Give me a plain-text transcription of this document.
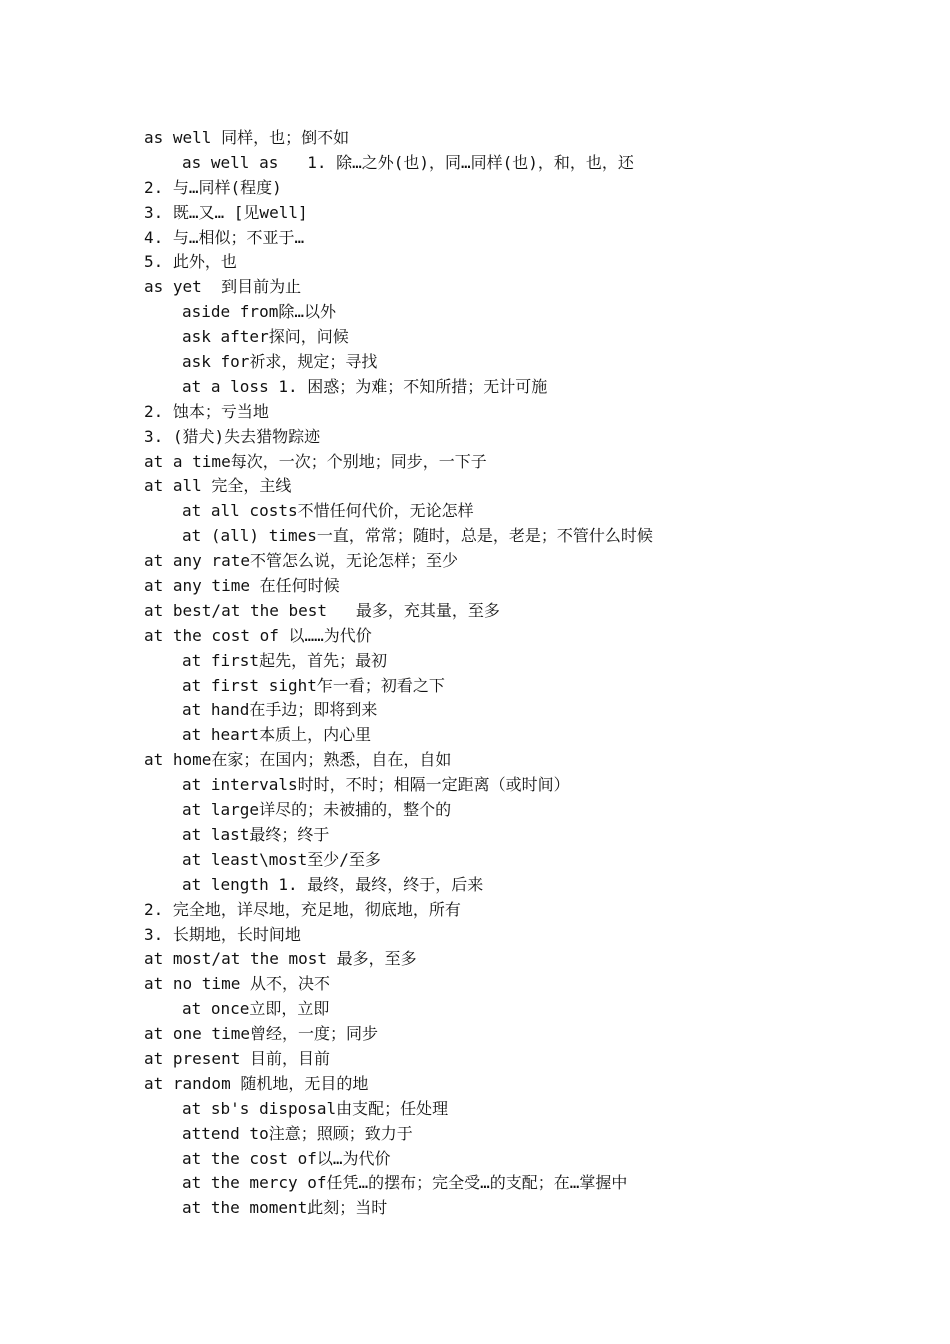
as well 同样，也；倒不如
as well as   1. 除…之外(也)，同…同样(也)，和，也，还
2. 与…同样(程度)
3. 既…又… [见well]
4. 与…相似；不亚于…
5. 此外，也
as yet  到目前为止
aside from除…以外
ask after探问，问候
ask for祈求，规定；寻找
at a loss 1. 困惑；为难；不知所措；无计可施
2. 蚀本；亏当地
3. (猎犬)失去猎物踪迹
at a time每次，一次；个别地；同步，一下子
at all 完全，主线
at all costs不惜任何代价，无论怎样
at (all) times一直，常常；随时，总是，老是；不管什么时候
at any rate不管怎么说，无论怎样；至少
at any time 在任何时候
at best/at the best   最多，充其量，至多
at the cost of 以……为代价
at first起先，首先；最初
at first sight乍一看；初看之下
at hand在手边；即将到来
at heart本质上，内心里
at home在家；在国内；熟悉，自在，自如
at intervals时时，不时；相隔一定距离（或时间）
at large详尽的；未被捕的，整个的
at last最终；终于
at least\most至少/至多
at length 1. 最终，最终，终于，后来
2. 完全地，详尽地，充足地，彻底地，所有
3. 长期地，长时间地
at most/at the most 最多，至多
at no time 从不，决不
at once立即，立即
at one time曾经，一度；同步
at present 目前，目前
at random 随机地，无目的地
at sb's disposal由支配；任处理
attend to注意；照顾；致力于
at the cost of以…为代价
at the mercy of任凭…的摆布；完全受…的支配；在…掌握中
at the moment此刻；当时
